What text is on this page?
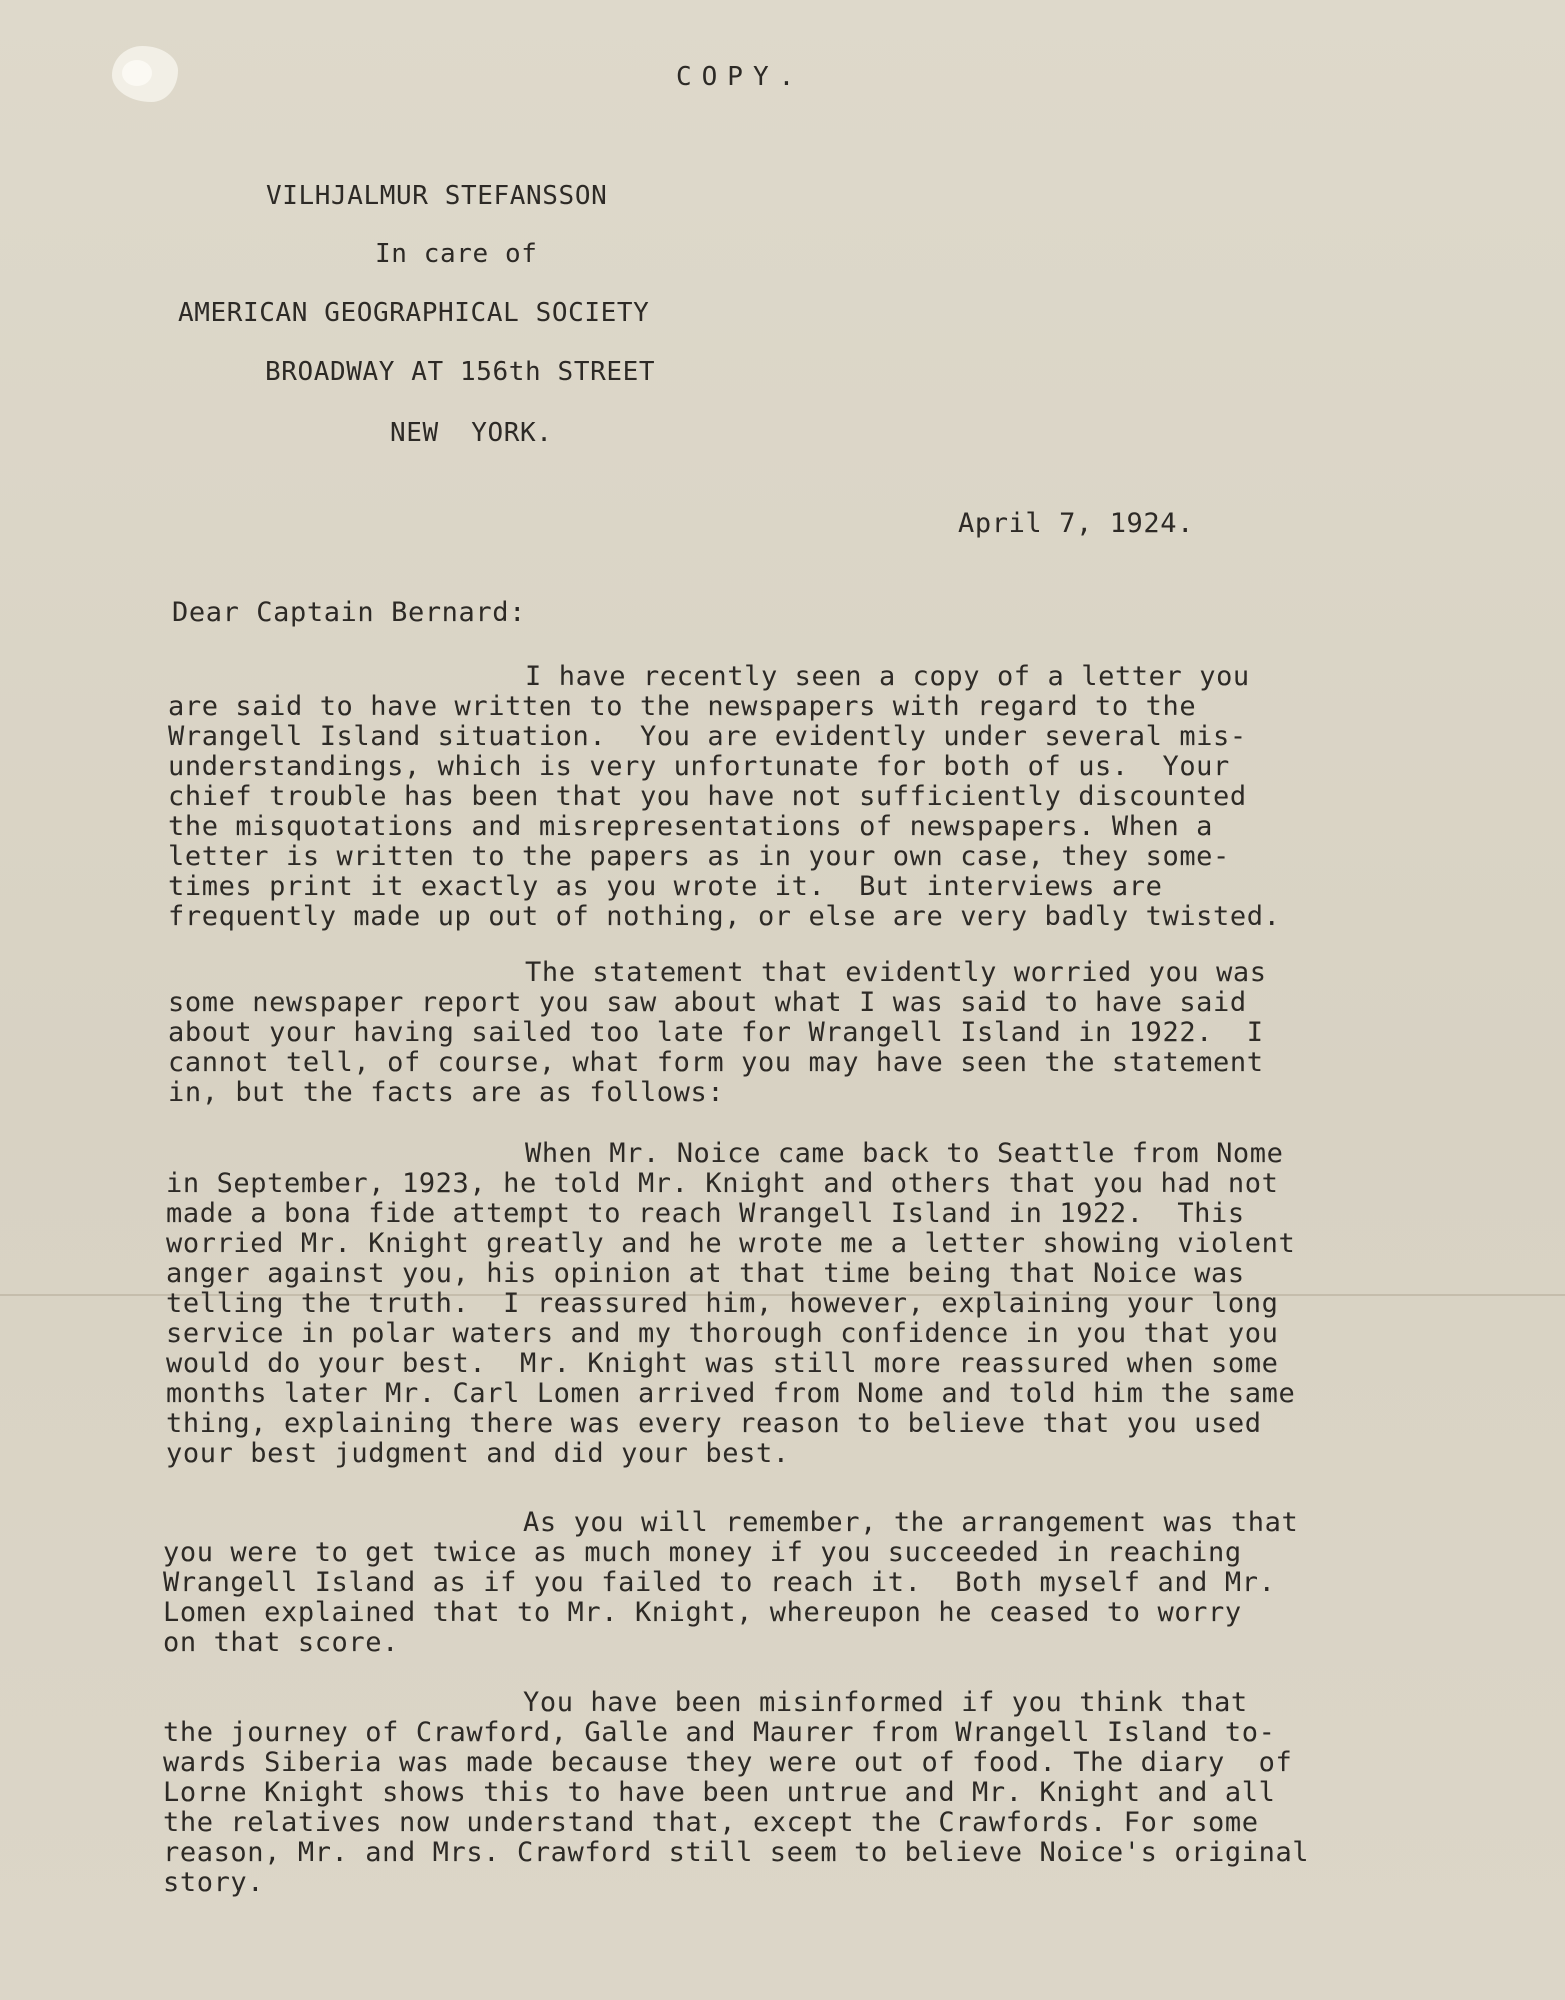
COPY.
VILHJALMUR STEFANSSON
In care of
AMERICAN GEOGRAPHICAL SOCIETY
BROADWAY AT 156th STREET
NEW  YORK.
April 7, 1924.
Dear Captain Bernard:
I have recently seen a copy of a letter you
are said to have written to the newspapers with regard to the
Wrangell Island situation.  You are evidently under several mis-
understandings, which is very unfortunate for both of us.  Your
chief trouble has been that you have not sufficiently discounted
the misquotations and misrepresentations of newspapers. When a
letter is written to the papers as in your own case, they some-
times print it exactly as you wrote it.  But interviews are
frequently made up out of nothing, or else are very badly twisted.
The statement that evidently worried you was
some newspaper report you saw about what I was said to have said
about your having sailed too late for Wrangell Island in 1922.  I
cannot tell, of course, what form you may have seen the statement
in, but the facts are as follows:
When Mr. Noice came back to Seattle from Nome
in September, 1923, he told Mr. Knight and others that you had not
made a bona fide attempt to reach Wrangell Island in 1922.  This
worried Mr. Knight greatly and he wrote me a letter showing violent
anger against you, his opinion at that time being that Noice was
telling the truth.  I reassured him, however, explaining your long
service in polar waters and my thorough confidence in you that you
would do your best.  Mr. Knight was still more reassured when some
months later Mr. Carl Lomen arrived from Nome and told him the same
thing, explaining there was every reason to believe that you used
your best judgment and did your best.
As you will remember, the arrangement was that
you were to get twice as much money if you succeeded in reaching
Wrangell Island as if you failed to reach it.  Both myself and Mr.
Lomen explained that to Mr. Knight, whereupon he ceased to worry
on that score.
You have been misinformed if you think that
the journey of Crawford, Galle and Maurer from Wrangell Island to-
wards Siberia was made because they were out of food. The diary  of
Lorne Knight shows this to have been untrue and Mr. Knight and all
the relatives now understand that, except the Crawfords. For some
reason, Mr. and Mrs. Crawford still seem to believe Noice's original
story.
